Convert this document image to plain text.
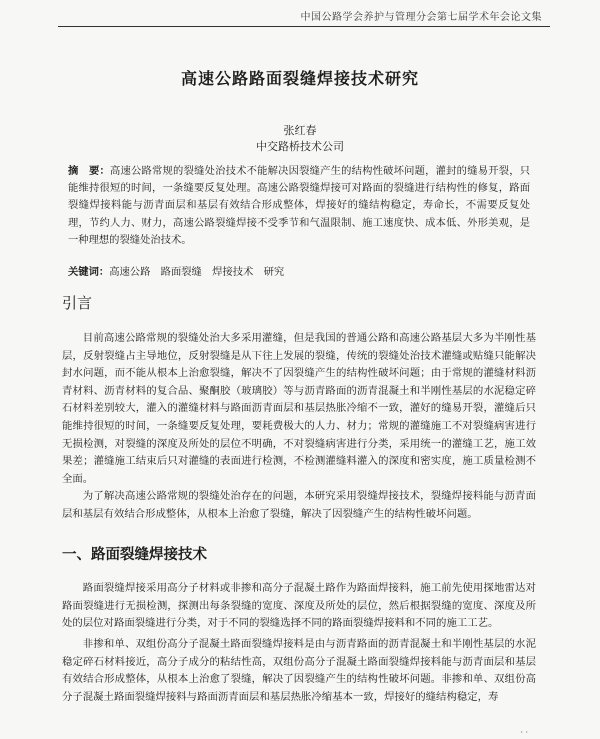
中国公路学会养护与管理分会第七届学术年会论文集
高速公路路面裂缝焊接技术研究
张红春
中交路桥技术公司
摘　要：高速公路常规的裂缝处治技术不能解决因裂缝产生的结构性破坏问题，灌封的缝易开裂，只能维持很短的时间，一条缝要反复处理。高速公路裂缝焊接可对路面的裂缝进行结构性的修复，路面裂缝焊接料能与沥青面层和基层有效结合形成整体，焊接好的缝结构稳定，寿命长，不需要反复处理，节约人力、财力，高速公路裂缝焊接不受季节和气温限制、施工速度快、成本低、外形美观，是一种理想的裂缝处治技术。
关键词：高速公路　路面裂缝　焊接技术　研究
引言

目前高速公路常规的裂缝处治大多采用灌缝，但是我国的普通公路和高速公路基层大多为半刚性基层，反射裂缝占主导地位，反射裂缝是从下往上发展的裂缝，传统的裂缝处治技术灌缝或贴缝只能解决封水问题，而不能从根本上治愈裂缝，解决不了因裂缝产生的结构性破坏问题；由于常规的灌缝材料沥青材料、沥青材料的复合品、聚酮胶（玻璃胶）等与沥青路面的沥青混凝土和半刚性基层的水泥稳定碎石材料差别较大，灌入的灌缝材料与路面沥青面层和基层热胀冷缩不一致，灌好的缝易开裂，灌缝后只能维持很短的时间，一条缝要反复处理，要耗费极大的人力、材力；常规的灌缝施工不对裂缝病害进行无损检测，对裂缝的深度及所处的层位不明确，不对裂缝病害进行分类，采用统一的灌缝工艺，施工效果差；灌缝施工结束后只对灌缝的表面进行检测，不检测灌缝料灌入的深度和密实度，施工质量检测不全面。

为了解决高速公路常规的裂缝处治存在的问题，本研究采用裂缝焊接技术，裂缝焊接料能与沥青面层和基层有效结合形成整体，从根本上治愈了裂缝，解决了因裂缝产生的结构性破坏问题。

一、路面裂缝焊接技术

路面裂缝焊接采用高分子材料或非掺和高分子混凝土路作为路面焊接料，施工前先使用探地雷达对路面裂缝进行无损检测，探测出每条裂缝的宽度、深度及所处的层位，然后根据裂缝的宽度、深度及所处的层位对路面裂缝进行分类，对于不同的裂缝选择不同的路面裂缝焊接料和不同的施工工艺。

非掺和单、双组份高分子混凝土路面裂缝焊接料是由与沥青路面的沥青混凝土和半刚性基层的水泥稳定碎石材料接近，高分子成分的粘结性高，双组份高分子混凝土路面裂缝焊接料能与沥青面层和基层有效结合形成整体，从根本上治愈了裂缝，解决了因裂缝产生的结构性破坏问题。非掺和单、双组份高分子混凝土路面裂缝焊接料与路面沥青面层和基层热胀冷缩基本一致，焊接好的缝结构稳定，寿

· ·
